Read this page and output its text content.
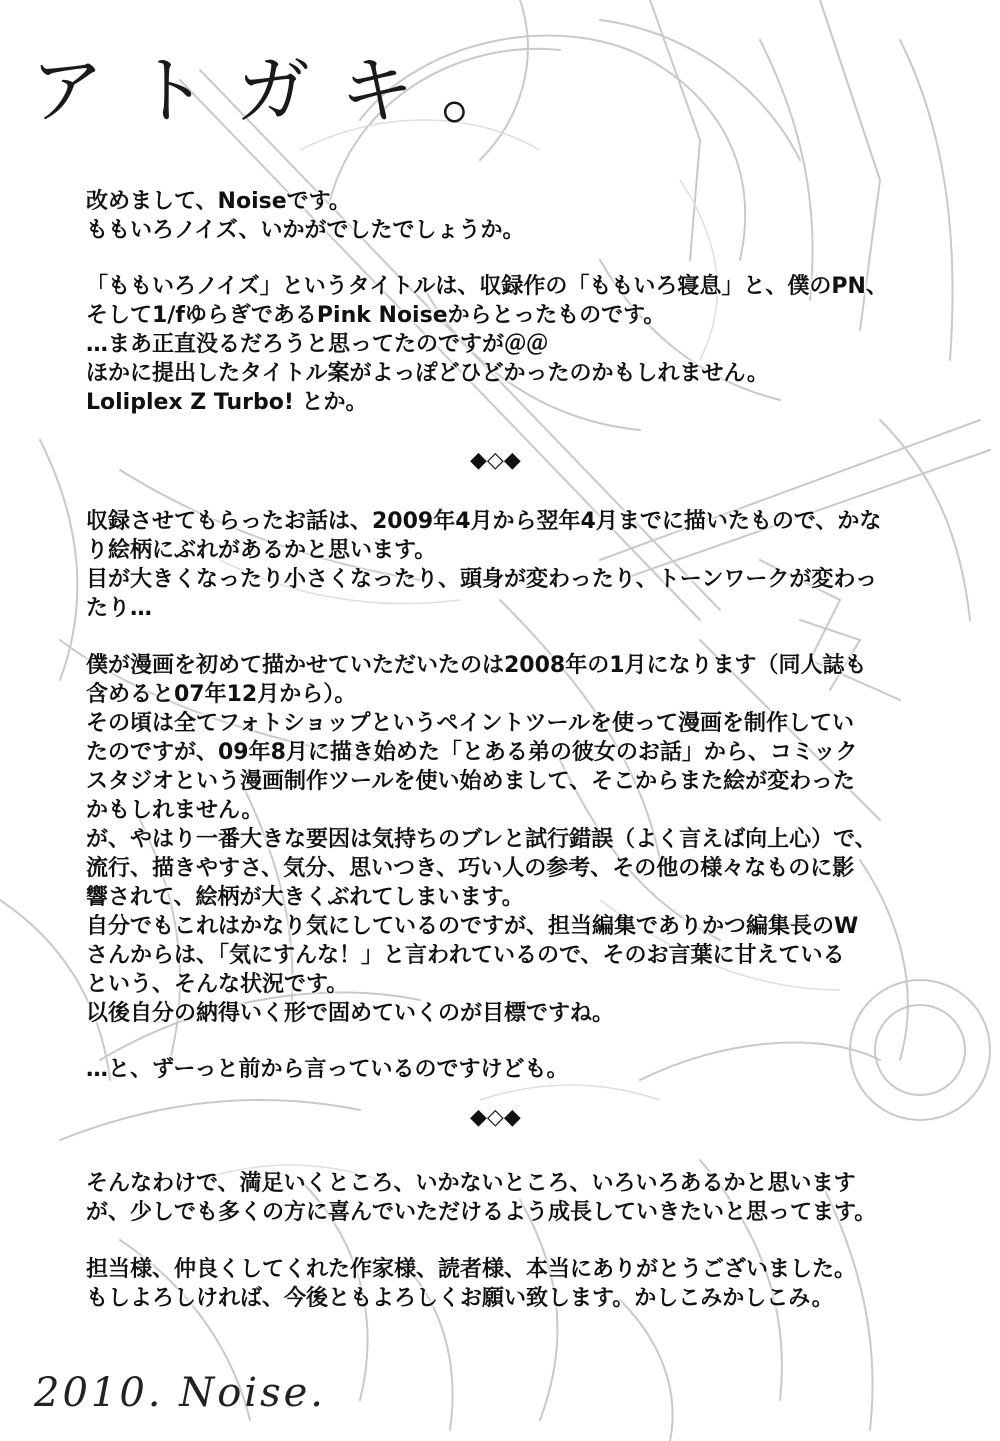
アトガキ。
改めまして、Noiseです。
ももいろノイズ、いかがでしたでしょうか。
「ももいろノイズ」というタイトルは、収録作の「ももいろ寝息」と、僕のPN、
そして1/fゆらぎであるPink Noiseからとったものです。
…まあ正直没るだろうと思ってたのですが＠＠
ほかに提出したタイトル案がよっぽどひどかったのかもしれません。
Loliplex Z Turbo! とか。
◆◇◆
収録させてもらったお話は、2009年4月から翌年4月までに描いたもので、かな
り絵柄にぶれがあるかと思います。
目が大きくなったり小さくなったり、頭身が変わったり、トーンワークが変わっ
たり…
僕が漫画を初めて描かせていただいたのは2008年の1月になります（同人誌も
含めると07年12月から）。
その頃は全てフォトショップというペイントツールを使って漫画を制作してい
たのですが、09年8月に描き始めた「とある弟の彼女のお話」から、コミック
スタジオという漫画制作ツールを使い始めまして、そこからまた絵が変わった
かもしれません。
が、やはり一番大きな要因は気持ちのブレと試行錯誤（よく言えば向上心）で、
流行、描きやすさ、気分、思いつき、巧い人の参考、その他の様々なものに影
響されて、絵柄が大きくぶれてしまいます。
自分でもこれはかなり気にしているのですが、担当編集でありかつ編集長のW
さんからは、「気にすんな！」と言われているので、そのお言葉に甘えている
という、そんな状況です。
以後自分の納得いく形で固めていくのが目標ですね。
…と、ずーっと前から言っているのですけども。
◆◇◆
そんなわけで、満足いくところ、いかないところ、いろいろあるかと思います
が、少しでも多くの方に喜んでいただけるよう成長していきたいと思ってます。
担当様、仲良くしてくれた作家様、読者様、本当にありがとうございました。
もしよろしければ、今後ともよろしくお願い致します。かしこみかしこみ。
2010. Noise.
